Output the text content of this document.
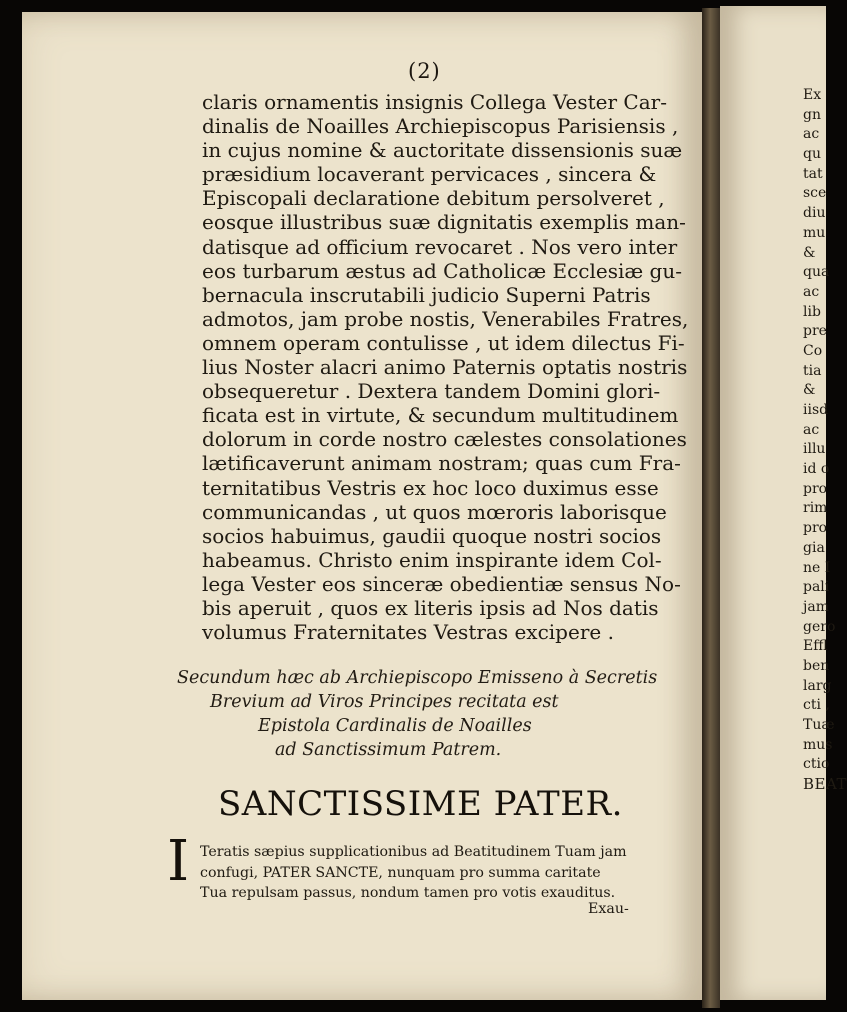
(2)
claris ornamentis insignis Collega Vester Car-
dinalis de Noailles Archiepiscopus Parisiensis ,
in cujus nomine & auctoritate dissensionis suæ
præsidium locaverant pervicaces , sincera &
Episcopali declaratione debitum persolveret ,
eosque illustribus suæ dignitatis exemplis man-
datisque ad officium revocaret . Nos vero inter
eos turbarum æstus ad Catholicæ Ecclesiæ gu-
bernacula inscrutabili judicio Superni Patris
admotos, jam probe nostis, Venerabiles Fratres,
omnem operam contulisse , ut idem dilectus Fi-
lius Noster alacri animo Paternis optatis nostris
obsequeretur . Dextera tandem Domini glori-
ficata est in virtute, & secundum multitudinem
dolorum in corde nostro cælestes consolationes
lætificaverunt animam nostram; quas cum Fra-
ternitatibus Vestris ex hoc loco duximus esse
communicandas , ut quos mœroris laborisque
socios habuimus, gaudii quoque nostri socios
habeamus. Christo enim inspirante idem Col-
lega Vester eos sinceræ obedientiæ sensus No-
bis aperuit , quos ex literis ipsis ad Nos datis
volumus Fraternitates Vestras excipere .
Secundum hæc ab Archiepiscopo Emisseno à Secretis
Brevium ad Viros Principes recitata est
Epistola Cardinalis de Noailles
ad Sanctissimum Patrem.
SANCTISSIME PATER.
I Teratis sæpius supplicationibus ad Beatitudinem Tuam jam
confugi, PATER SANCTE, nunquam pro summa caritate
Tua repulsam passus, nondum tamen pro votis exauditus.
Exau-
Ex
gn
ac
qu
tat
sce
diu
mu
&
qua
ac
lib
pre
Co
tia
&
iisd
ac
illu
id o
pro
rim
pro
gia
ne I
pali
jam
gero
Effl
ben
larg
cti ,
Tuæ
mus
ctio
BEAT
